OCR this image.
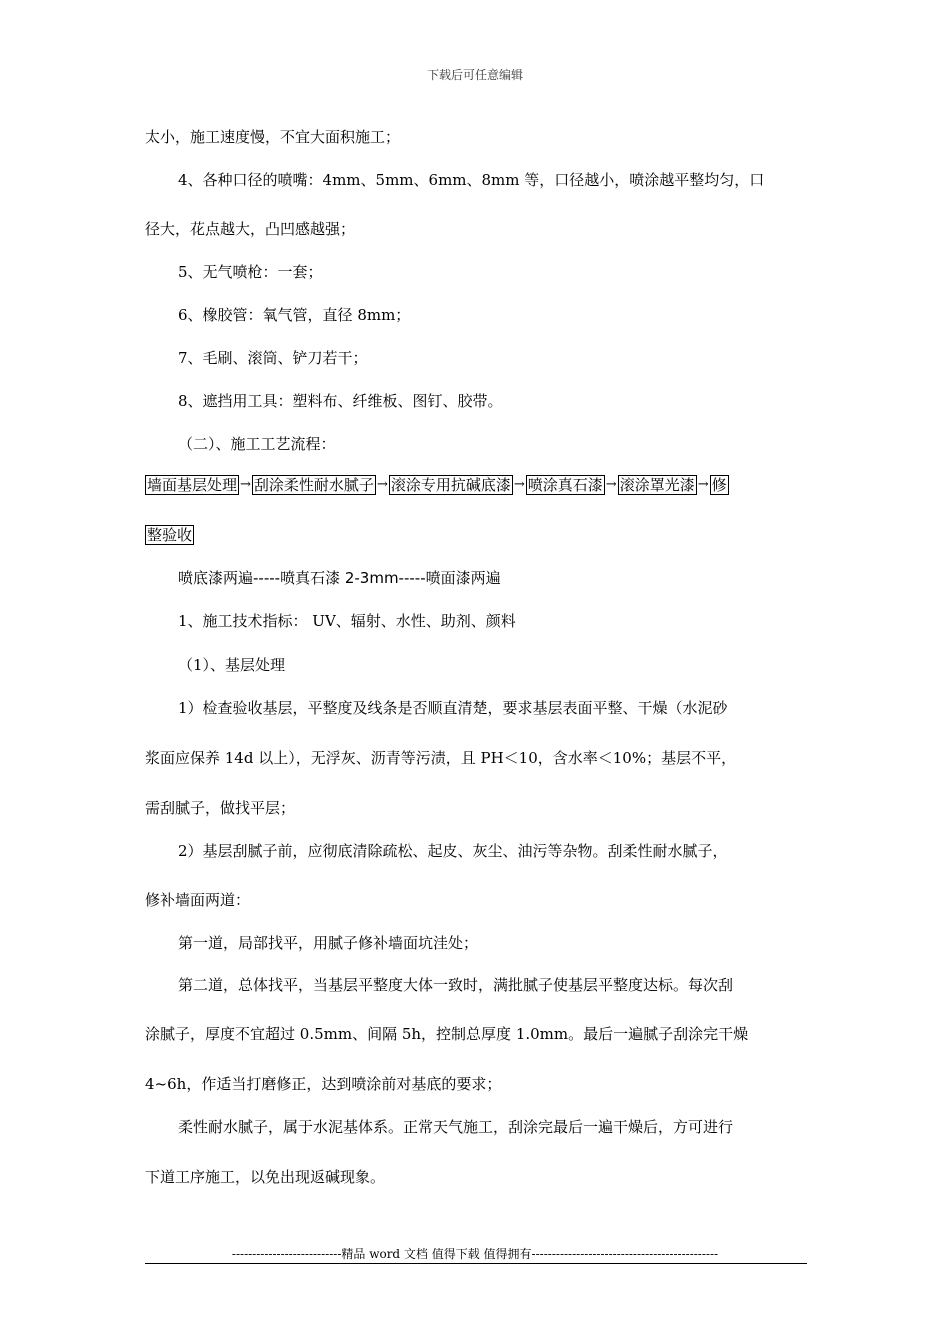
下载后可任意编辑
太小，施工速度慢，不宜大面积施工；
4、各种口径的喷嘴：4mm、5mm、6mm、8mm 等，口径越小，喷涂越平整均匀，口
径大，花点越大，凸凹感越强；
5、无气喷枪：一套；
6、橡胶管：氧气管，直径 8mm；
7、毛刷、滚筒、铲刀若干；
8、遮挡用工具：塑料布、纤维板、图钉、胶带。
（二）、施工工艺流程：
墙面基层处理 → 刮涂柔性耐水腻子 → 滚涂专用抗碱底漆 → 喷涂真石漆 → 滚涂罩光漆 → 修
整验收
喷底漆两遍-----喷真石漆 2-3mm-----喷面漆两遍
1、施工技术指标： UV、辐射、水性、助剂、颜料
（1）、基层处理
1）检查验收基层，平整度及线条是否顺直清楚，要求基层表面平整、干燥（水泥砂
浆面应保养 14d 以上），无浮灰、沥青等污渍，且 PH＜10，含水率＜10%；基层不平，
需刮腻子，做找平层；
2）基层刮腻子前，应彻底清除疏松、起皮、灰尘、油污等杂物。刮柔性耐水腻子，
修补墙面两道：
第一道，局部找平，用腻子修补墙面坑洼处；
第二道，总体找平，当基层平整度大体一致时，满批腻子使基层平整度达标。每次刮
涂腻子，厚度不宜超过 0.5mm、间隔 5h，控制总厚度 1.0mm。最后一遍腻子刮涂完干燥
4~6h，作适当打磨修正，达到喷涂前对基底的要求；
柔性耐水腻子，属于水泥基体系。正常天气施工，刮涂完最后一遍干燥后，方可进行
下道工序施工，以免出现返碱现象。
---------------------------精品 word 文档 值得下载 值得拥有----------------------------------------------
